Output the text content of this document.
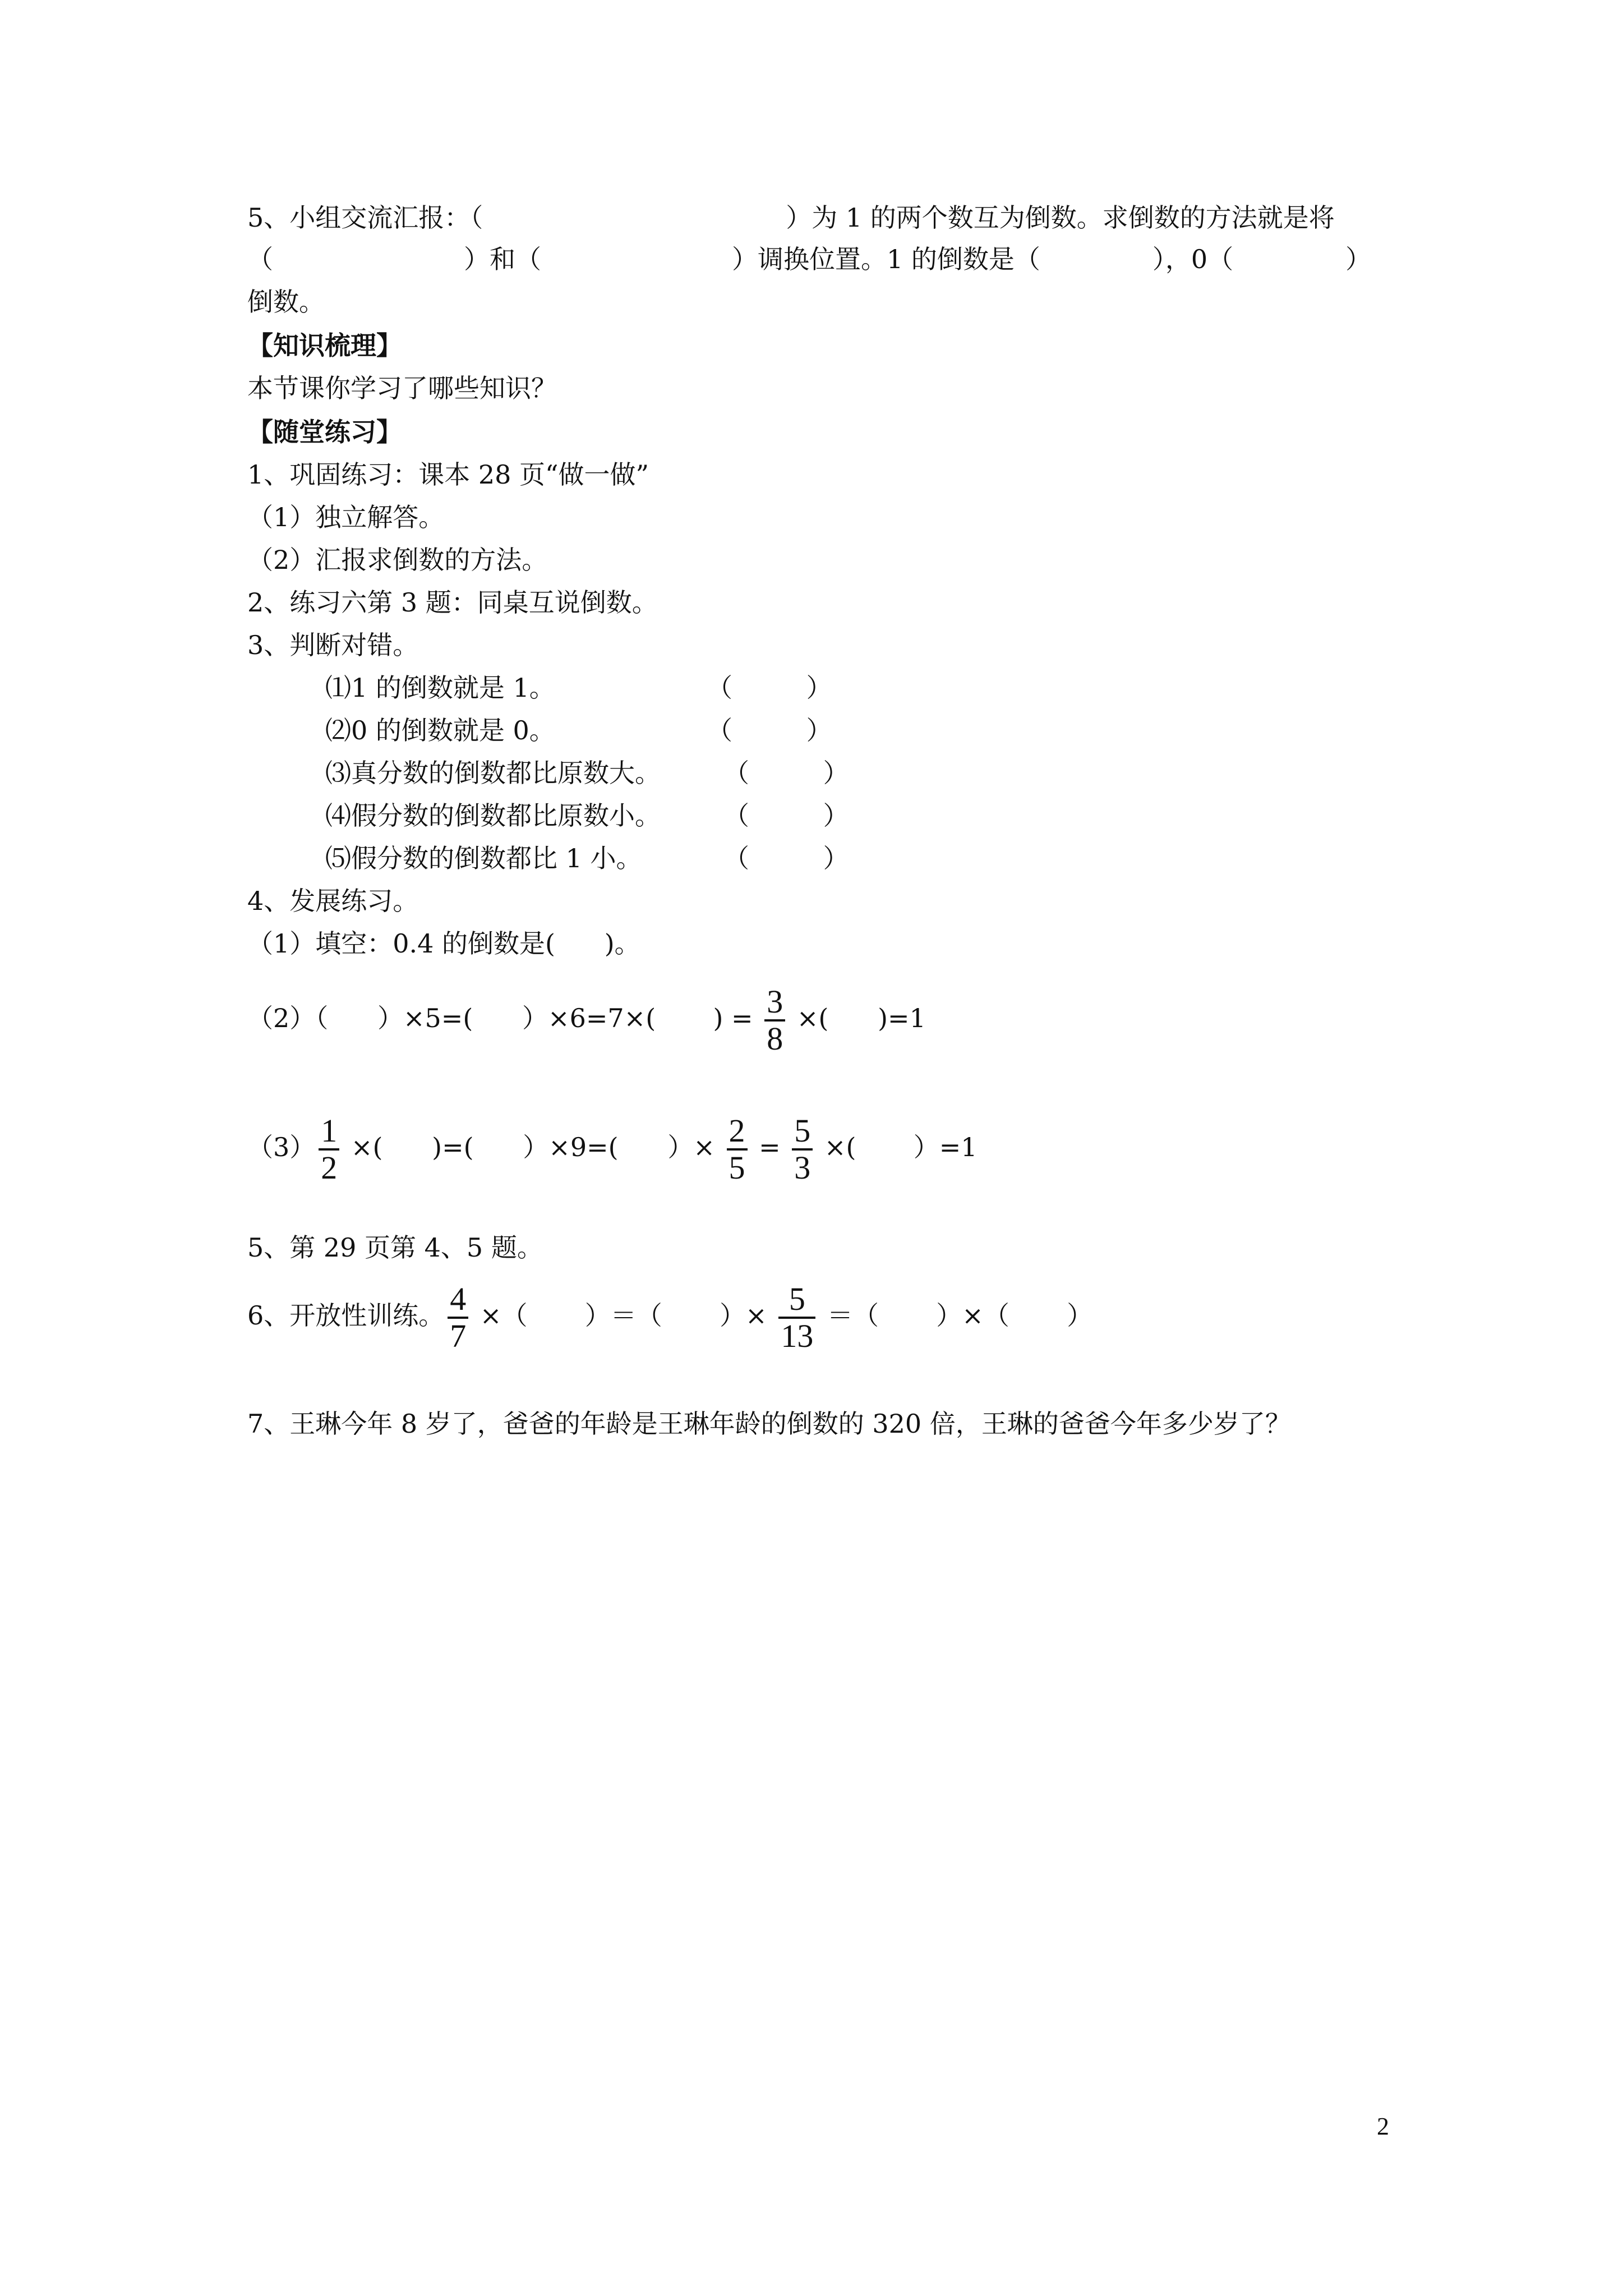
5、小组交流汇报：（	）为 1 的两个数互为倒数。求倒数的方法就是将
（	）和（	）调换位置。1 的倒数是（	），0（	）
倒数。
【知识梳理】
本节课你学习了哪些知识？
【随堂练习】
1、巩固练习：课本 28 页“做一做”
（1）独立解答。
（2）汇报求倒数的方法。
2、练习六第 3 题：同桌互说倒数。
3、判断对错。
⑴1 的倒数就是 1。	（         ）
⑵0 的倒数就是 0。	（         ）
⑶真分数的倒数都比原数大。 （         ）
⑷假分数的倒数都比原数小。 （         ）
⑸假分数的倒数都比 1 小。	（         ）
4、发展练习。
（1）填空：0.4 的倒数是(      )。
（2）（      ）×5=(      ）×6=7×(       ) = $\frac{3}{8}$ ×(      )=1
$(3) \frac{1}{2}$ ×(      )=(      ）×9=(      ）× $\frac{2}{5} = \frac{5}{3}$ ×(       ）=1
5、第 29 页第 4、5 题。
6、开放性训练。 $\frac{4}{7}$ ×（       ）＝（       ）× $\frac{5}{13}$ ＝（       ）×（       ）
7、王琳今年 8 岁了，爸爸的年龄是王琳年龄的倒数的 320 倍，王琳的爸爸今年多少岁了？
2
